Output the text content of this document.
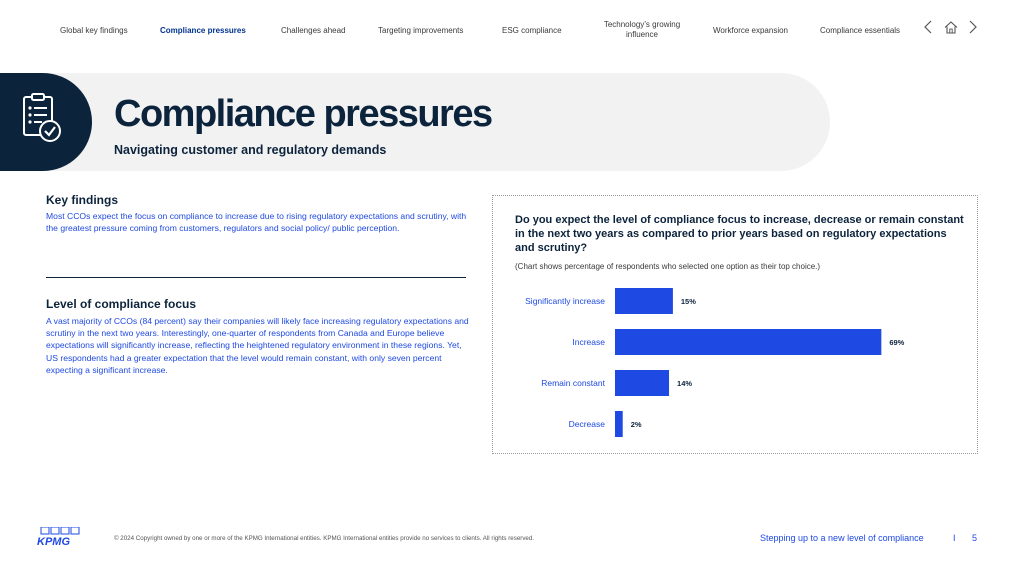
Global key findings	Compliance pressures	Challenges ahead	Targeting improvements	ESG compliance
Technology’s growing influence	Workforce expansion	Compliance essentials
Compliance pressures
Navigating customer and regulatory demands
Key findings
Most CCOs expect the focus on compliance to increase due to rising regulatory expectations and scrutiny, with the greatest pressure coming from customers, regulators and social policy/ public perception.
Level of compliance focus
A vast majority of CCOs (84 percent) say their companies will likely face increasing regulatory expectations and scrutiny in the next two years. Interestingly, one-quarter of respondents from Canada and Europe believe expectations will significantly increase, reflecting the heightened regulatory environment in these regions. Yet, US respondents had a greater expectation that the level would remain constant, with only seven percent expecting a significant increase.
Do you expect the level of compliance focus to increase, decrease or remain constant in the next two years as compared to prior years based on regulatory expectations and scrutiny?
(Chart shows percentage of respondents who selected one option as their top choice.)
Significantly increase	15%
Increase	69%
Remain constant	14%
Decrease	2%
KPMG	© 2024 Copyright owned by one or more of the KPMG International entities. KPMG International entities provide no services to clients. All rights reserved.	Stepping up to a new level of compliance	I 5
